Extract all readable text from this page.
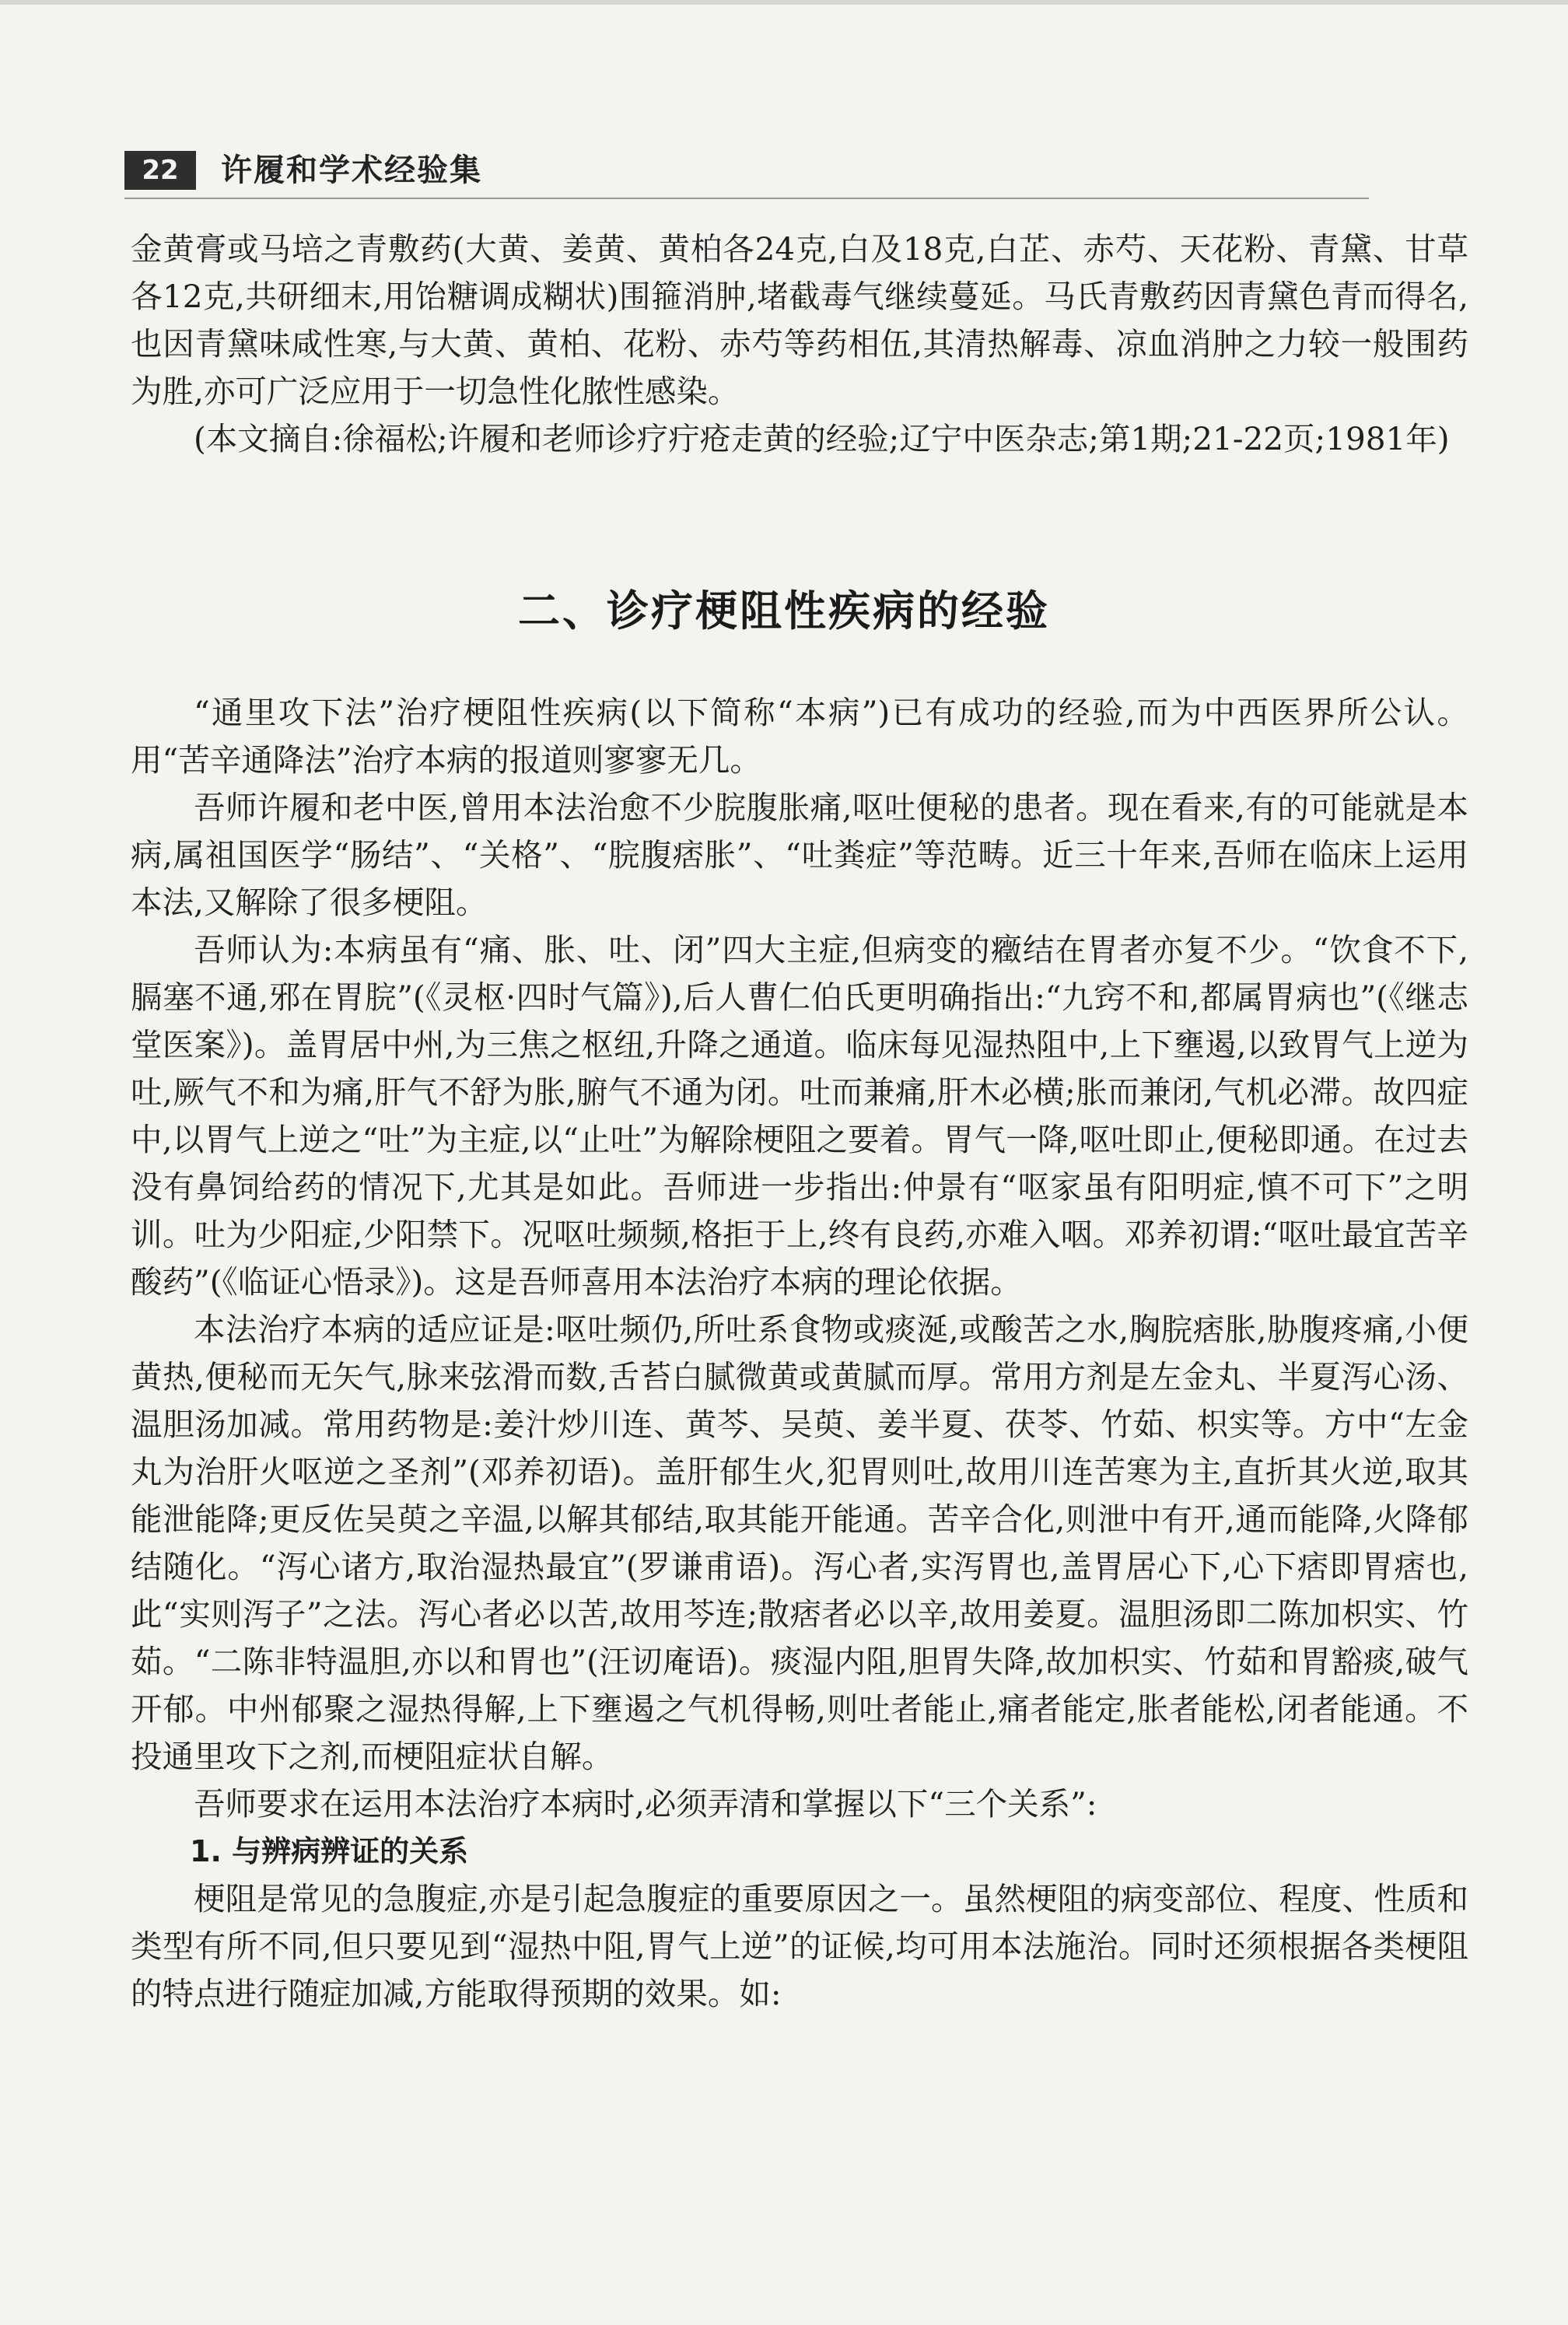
22	许履和学术经验集

金黄膏或马培之青敷药(大黄、姜黄、黄柏各24克,白及18克,白芷、赤芍、天花粉、青黛、甘草各12克,共研细末,用饴糖调成糊状)围箍消肿,堵截毒气继续蔓延。马氏青敷药因青黛色青而得名,也因青黛味咸性寒,与大黄、黄柏、花粉、赤芍等药相伍,其清热解毒、凉血消肿之力较一般围药为胜,亦可广泛应用于一切急性化脓性感染。

(本文摘自:徐福松;许履和老师诊疗疔疮走黄的经验;辽宁中医杂志;第1期;21-22页;1981年)

二、诊疗梗阻性疾病的经验

“通里攻下法”治疗梗阻性疾病(以下简称“本病”)已有成功的经验,而为中西医界所公认。用“苦辛通降法”治疗本病的报道则寥寥无几。

吾师许履和老中医,曾用本法治愈不少脘腹胀痛,呕吐便秘的患者。现在看来,有的可能就是本病,属祖国医学“肠结”、“关格”、“脘腹痞胀”、“吐粪症”等范畴。近三十年来,吾师在临床上运用本法,又解除了很多梗阻。

吾师认为:本病虽有“痛、胀、吐、闭”四大主症,但病变的癥结在胃者亦复不少。“饮食不下,膈塞不通,邪在胃脘”(《灵枢·四时气篇》),后人曹仁伯氏更明确指出:“九窍不和,都属胃病也”(《继志堂医案》)。盖胃居中州,为三焦之枢纽,升降之通道。临床每见湿热阻中,上下壅遏,以致胃气上逆为吐,厥气不和为痛,肝气不舒为胀,腑气不通为闭。吐而兼痛,肝木必横;胀而兼闭,气机必滞。故四症中,以胃气上逆之“吐”为主症,以“止吐”为解除梗阻之要着。胃气一降,呕吐即止,便秘即通。在过去没有鼻饲给药的情况下,尤其是如此。吾师进一步指出:仲景有“呕家虽有阳明症,慎不可下”之明训。吐为少阳症,少阳禁下。况呕吐频频,格拒于上,终有良药,亦难入咽。邓养初谓:“呕吐最宜苦辛酸药”(《临证心悟录》)。这是吾师喜用本法治疗本病的理论依据。

本法治疗本病的适应证是:呕吐频仍,所吐系食物或痰涎,或酸苦之水,胸脘痞胀,胁腹疼痛,小便黄热,便秘而无矢气,脉来弦滑而数,舌苔白腻微黄或黄腻而厚。常用方剂是左金丸、半夏泻心汤、温胆汤加减。常用药物是:姜汁炒川连、黄芩、吴萸、姜半夏、茯苓、竹茹、枳实等。方中“左金丸为治肝火呕逆之圣剂”(邓养初语)。盖肝郁生火,犯胃则吐,故用川连苦寒为主,直折其火逆,取其能泄能降;更反佐吴萸之辛温,以解其郁结,取其能开能通。苦辛合化,则泄中有开,通而能降,火降郁结随化。“泻心诸方,取治湿热最宜”(罗谦甫语)。泻心者,实泻胃也,盖胃居心下,心下痞即胃痞也,此“实则泻子”之法。泻心者必以苦,故用芩连;散痞者必以辛,故用姜夏。温胆汤即二陈加枳实、竹茹。“二陈非特温胆,亦以和胃也”(汪讱庵语)。痰湿内阻,胆胃失降,故加枳实、竹茹和胃豁痰,破气开郁。中州郁聚之湿热得解,上下壅遏之气机得畅,则吐者能止,痛者能定,胀者能松,闭者能通。不投通里攻下之剂,而梗阻症状自解。

吾师要求在运用本法治疗本病时,必须弄清和掌握以下“三个关系”:

1. 与辨病辨证的关系

梗阻是常见的急腹症,亦是引起急腹症的重要原因之一。虽然梗阻的病变部位、程度、性质和类型有所不同,但只要见到“湿热中阻,胃气上逆”的证候,均可用本法施治。同时还须根据各类梗阻的特点进行随症加减,方能取得预期的效果。如:
